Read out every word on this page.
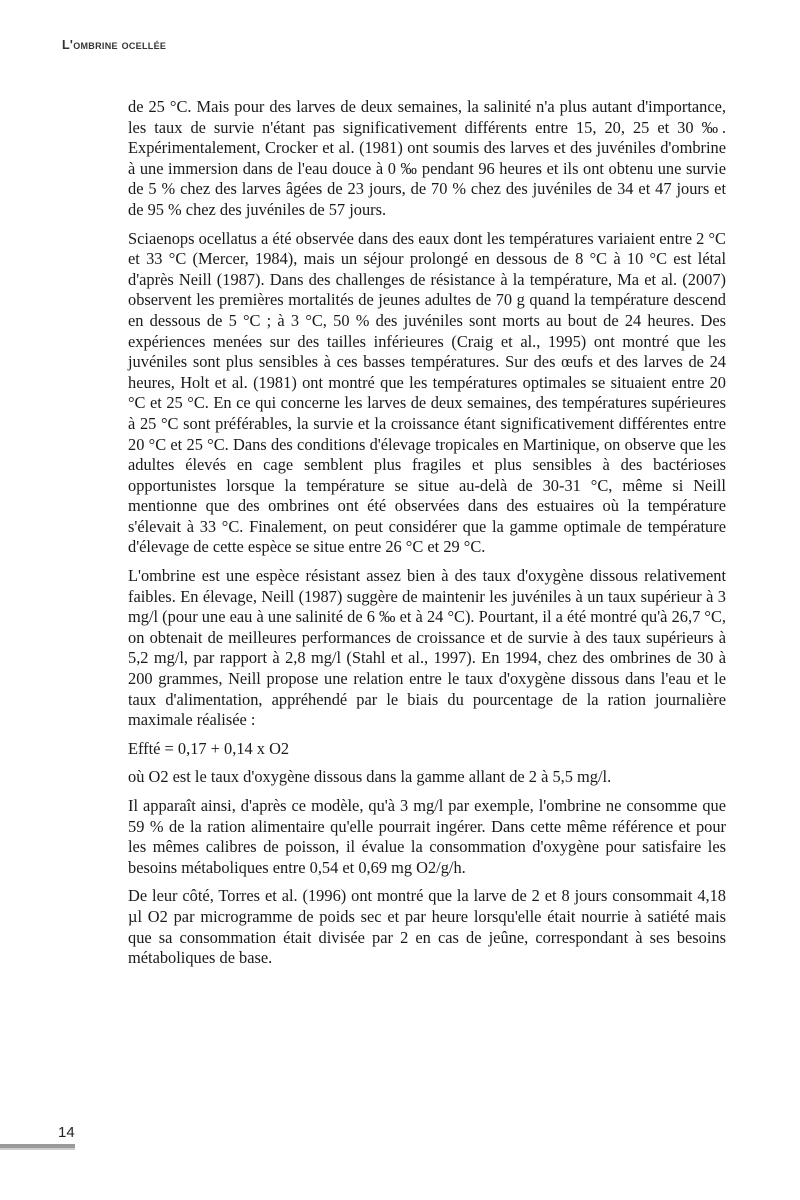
L'ombrine ocellée

de 25 °C. Mais pour des larves de deux semaines, la salinité n'a plus autant d'importance, les taux de survie n'étant pas significativement différents entre 15, 20, 25 et 30 ‰. Expérimentalement, Crocker et al. (1981) ont soumis des larves et des juvéniles d'ombrine à une immersion dans de l'eau douce à 0 ‰ pendant 96 heures et ils ont obtenu une survie de 5 % chez des larves âgées de 23 jours, de 70 % chez des juvéniles de 34 et 47 jours et de 95 % chez des juvéniles de 57 jours.

Sciaenops ocellatus a été observée dans des eaux dont les températures variaient entre 2 °C et 33 °C (Mercer, 1984), mais un séjour prolongé en dessous de 8 °C à 10 °C est létal d'après Neill (1987). Dans des challenges de résistance à la température, Ma et al. (2007) observent les premières mortalités de jeunes adultes de 70 g quand la température descend en dessous de 5 °C ; à 3 °C, 50 % des juvéniles sont morts au bout de 24 heures. Des expériences menées sur des tailles inférieures (Craig et al., 1995) ont montré que les juvéniles sont plus sensibles à ces basses températures. Sur des œufs et des larves de 24 heures, Holt et al. (1981) ont montré que les températures optimales se situaient entre 20 °C et 25 °C. En ce qui concerne les larves de deux semaines, des températures supérieures à 25 °C sont préférables, la survie et la croissance étant significativement différentes entre 20 °C et 25 °C. Dans des conditions d'élevage tropicales en Martinique, on observe que les adultes élevés en cage semblent plus fragiles et plus sensibles à des bactérioses opportunistes lorsque la température se situe au-delà de 30-31 °C, même si Neill mentionne que des ombrines ont été observées dans des estuaires où la température s'élevait à 33 °C. Finalement, on peut considérer que la gamme optimale de température d'élevage de cette espèce se situe entre 26 °C et 29 °C.

L'ombrine est une espèce résistant assez bien à des taux d'oxygène dissous relativement faibles. En élevage, Neill (1987) suggère de maintenir les juvéniles à un taux supérieur à 3 mg/l (pour une eau à une salinité de 6 ‰ et à 24 °C). Pourtant, il a été montré qu'à 26,7 °C, on obtenait de meilleures performances de croissance et de survie à des taux supérieurs à 5,2 mg/l, par rapport à 2,8 mg/l (Stahl et al., 1997). En 1994, chez des ombrines de 30 à 200 grammes, Neill propose une relation entre le taux d'oxygène dissous dans l'eau et le taux d'alimentation, appréhendé par le biais du pourcentage de la ration journalière maximale réalisée :

Effté = 0,17 + 0,14 x O2

où O2 est le taux d'oxygène dissous dans la gamme allant de 2 à 5,5 mg/l.

Il apparaît ainsi, d'après ce modèle, qu'à 3 mg/l par exemple, l'ombrine ne consomme que 59 % de la ration alimentaire qu'elle pourrait ingérer. Dans cette même référence et pour les mêmes calibres de poisson, il évalue la consommation d'oxygène pour satisfaire les besoins métaboliques entre 0,54 et 0,69 mg O2/g/h.

De leur côté, Torres et al. (1996) ont montré que la larve de 2 et 8 jours consommait 4,18 µl O2 par microgramme de poids sec et par heure lorsqu'elle était nourrie à satiété mais que sa consommation était divisée par 2 en cas de jeûne, correspondant à ses besoins métaboliques de base.

14
